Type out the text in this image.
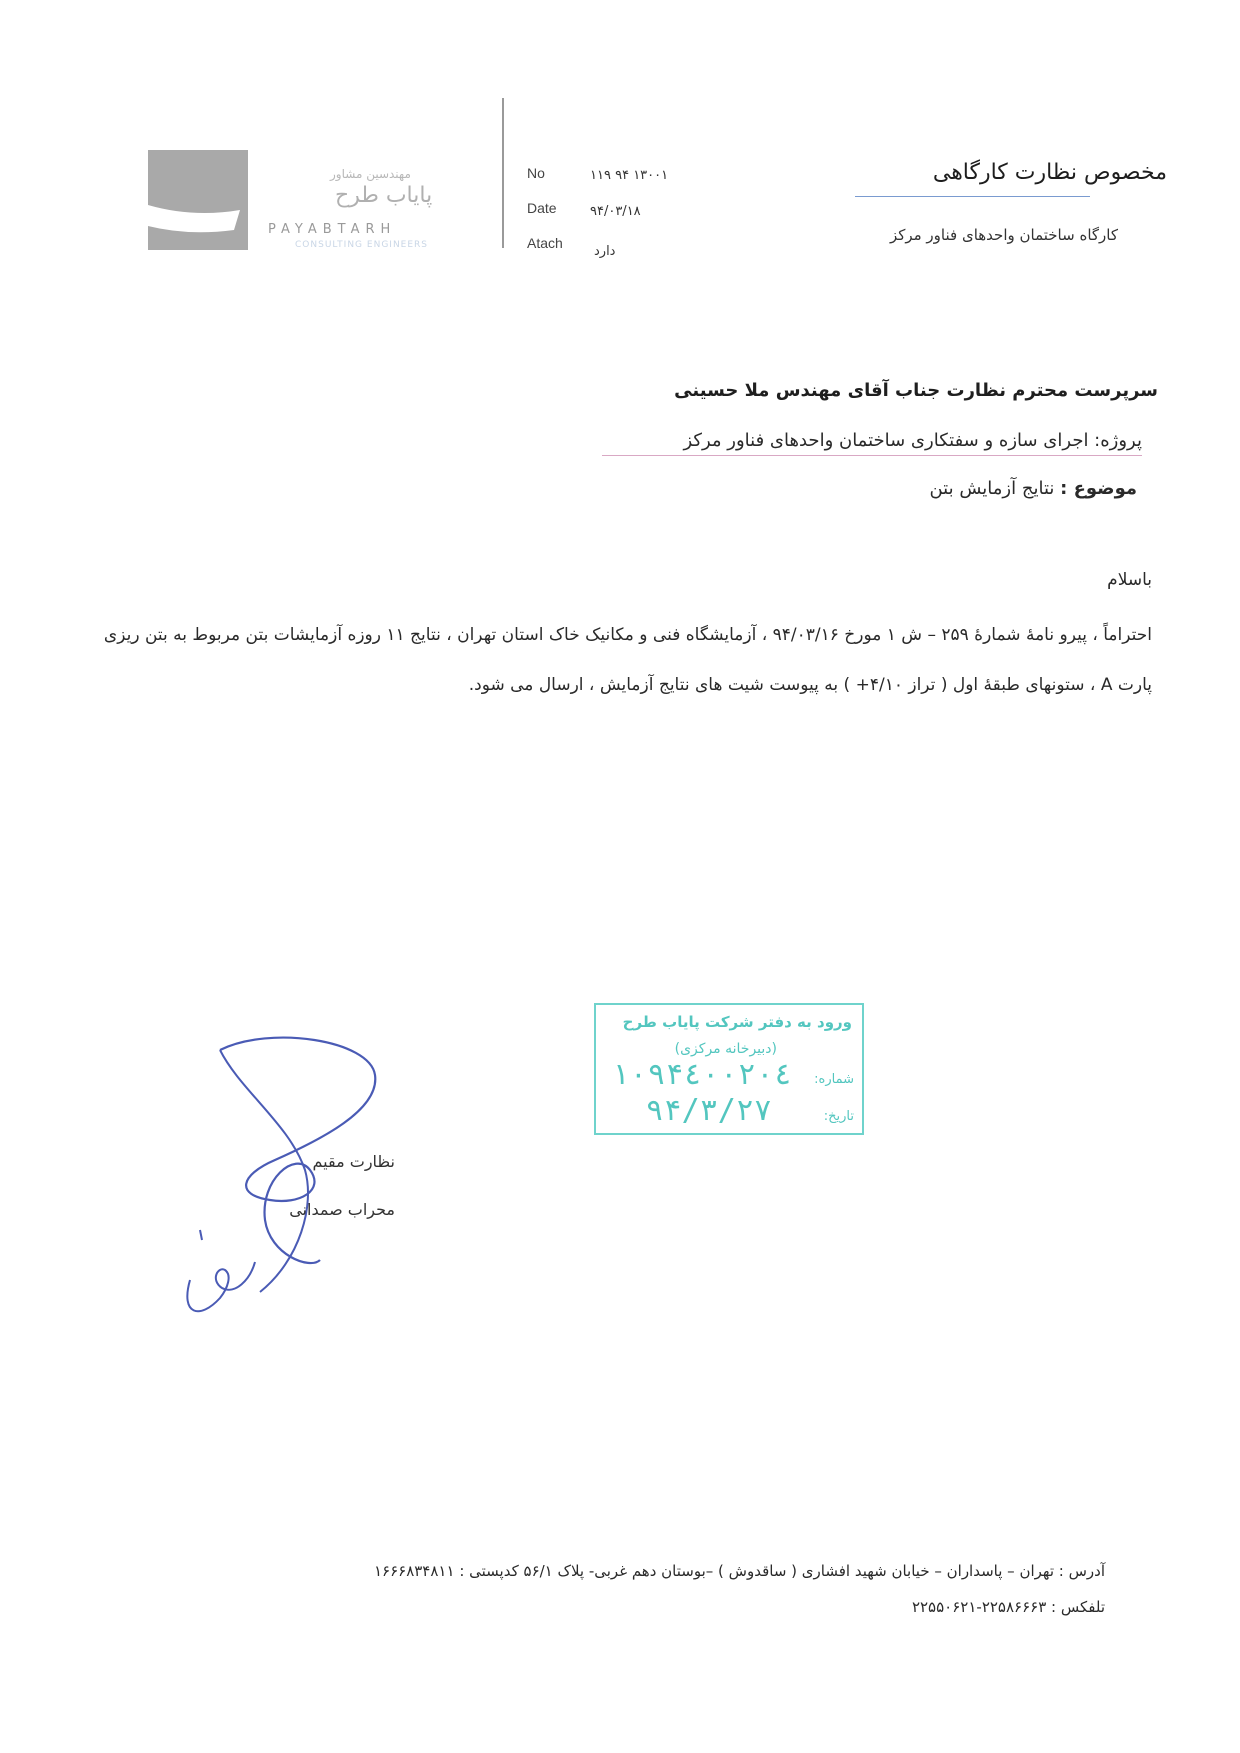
مهندسین مشاور
پایاب طرح
PAYABTARH
CONSULTING ENGINEERS
No	۱۳۰۰۱ ۹۴ ۱۱۹
Date	۹۴/۰۳/۱۸
Atach
دارد
مخصوص نظارت کارگاهی
کارگاه ساختمان واحدهای فناور مرکز
سرپرست محترم نظارت جناب آقای مهندس ملا حسینی
پروژه: اجرای سازه و سفتکاری ساختمان واحدهای فناور مرکز
موضوع : نتایج آزمایش بتن
باسلام
احتراماً ، پیرو نامهٔ شمارهٔ ۲۵۹ – ش ۱ مورخ ۹۴/۰۳/۱۶ ، آزمایشگاه فنی و مکانیک خاک استان تهران ، نتایج ۱۱ روزه آزمایشات بتن مربوط به بتن ریزی پارت A ، ستونهای طبقهٔ اول ( تراز ۴/۱۰+ ) به پیوست شیت های نتایج آزمایش ، ارسال می شود.
ورود به دفتر شرکت پایاب طرح
(دبیرخانه مرکزی)
شماره:
۱۰۹۴٤۰۰۲۰٤
تاریخ:
۹۴/۳/۲۷
نظارت مقیم
محراب صمدانی
آدرس : تهران – پاسداران – خیابان شهید افشاری ( ساقدوش ) –بوستان دهم غربی- پلاک ۵۶/۱ کدپستی : ۱۶۶۶۸۳۴۸۱۱
تلفکس : ۲۲۵۸۶۶۶۳-۲۲۵۵۰۶۲۱
